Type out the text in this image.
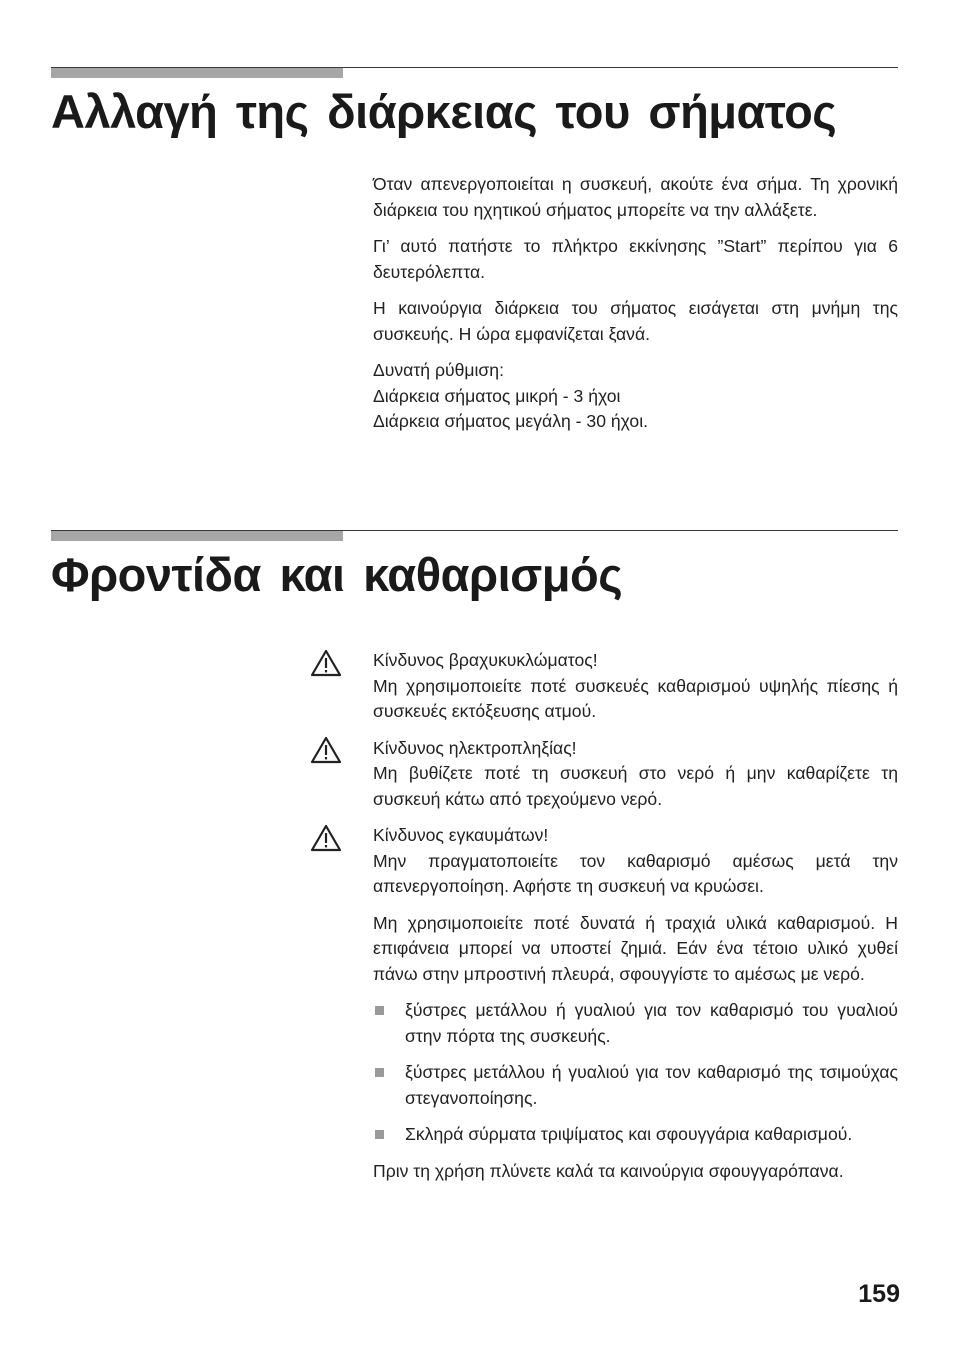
Αλλαγή της διάρκειας του σήματος

Όταν απενεργοποιείται η συσκευή, ακούτε ένα σήμα. Τη χρονική διάρκεια του ηχητικού σήματος μπορείτε να την αλλάξετε.

Γι’ αυτό πατήστε το πλήκτρο εκκίνησης ”Start” περίπου για 6 δευτερόλεπτα.

Η καινούργια διάρκεια του σήματος εισάγεται στη μνήμη της συσκευής. Η ώρα εμφανίζεται ξανά.

Δυνατή ρύθμιση:

Διάρκεια σήματος μικρή - 3 ήχοι

Διάρκεια σήματος μεγάλη - 30 ήχοι.

Φροντίδα και καθαρισμός

Κίνδυνος βραχυκυκλώματος!

Μη χρησιμοποιείτε ποτέ συσκευές καθαρισμού υψηλής πίεσης ή συσκευές εκτόξευσης ατμού.

Κίνδυνος ηλεκτροπληξίας!

Μη βυθίζετε ποτέ τη συσκευή στο νερό ή μην καθαρίζετε τη συσκευή κάτω από τρεχούμενο νερό.

Κίνδυνος εγκαυμάτων!

Μην πραγματοποιείτε τον καθαρισμό αμέσως μετά την απενεργοποίηση. Αφήστε τη συσκευή να κρυώσει.

Μη χρησιμοποιείτε ποτέ δυνατά ή τραχιά υλικά καθαρισμού. Η επιφάνεια μπορεί να υποστεί ζημιά. Εάν ένα τέτοιο υλικό χυθεί πάνω στην μπροστινή πλευρά, σφουγγίστε το αμέσως με νερό.

ξύστρες μετάλλου ή γυαλιού για τον καθαρισμό του γυαλιού στην πόρτα της συσκευής.
ξύστρες μετάλλου ή γυαλιού για τον καθαρισμό της τσιμούχας στεγανοποίησης.
Σκληρά σύρματα τριψίματος και σφουγγάρια καθαρισμού.

Πριν τη χρήση πλύνετε καλά τα καινούργια σφουγγαρόπανα.

159
